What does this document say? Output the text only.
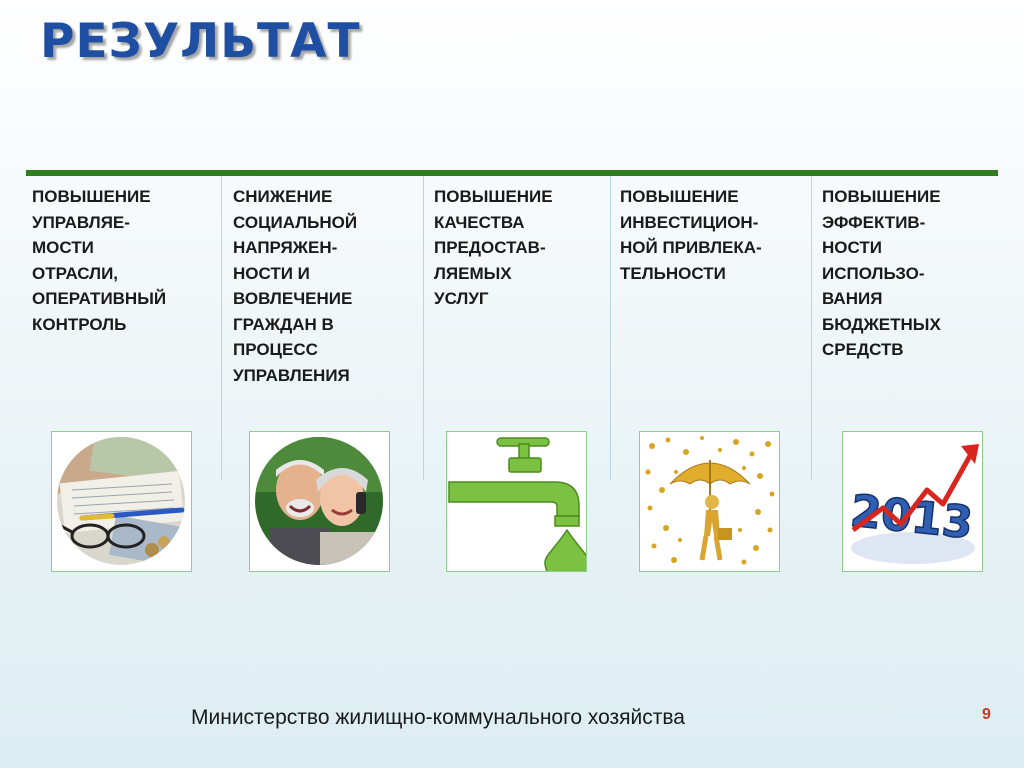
РЕЗУЛЬТАТ

ПОВЫШЕНИЕ
УПРАВЛЯЕ-
МОСТИ
ОТРАСЛИ,
ОПЕРАТИВНЫЙ
КОНТРОЛЬ

СНИЖЕНИЕ
СОЦИАЛЬНОЙ
НАПРЯЖЕН-
НОСТИ И
ВОВЛЕЧЕНИЕ
ГРАЖДАН В
ПРОЦЕСС
УПРАВЛЕНИЯ

ПОВЫШЕНИЕ
КАЧЕСТВА
ПРЕДОСТАВ-
ЛЯЕМЫХ
УСЛУГ

ПОВЫШЕНИЕ
ИНВЕСТИЦИОН-
НОЙ ПРИВЛЕКА-
ТЕЛЬНОСТИ

ПОВЫШЕНИЕ
ЭФФЕКТИВ-
НОСТИ
ИСПОЛЬЗО-
ВАНИЯ
БЮДЖЕТНЫХ
СРЕДСТВ

2013
Министерство жилищно-коммунального хозяйства	9
